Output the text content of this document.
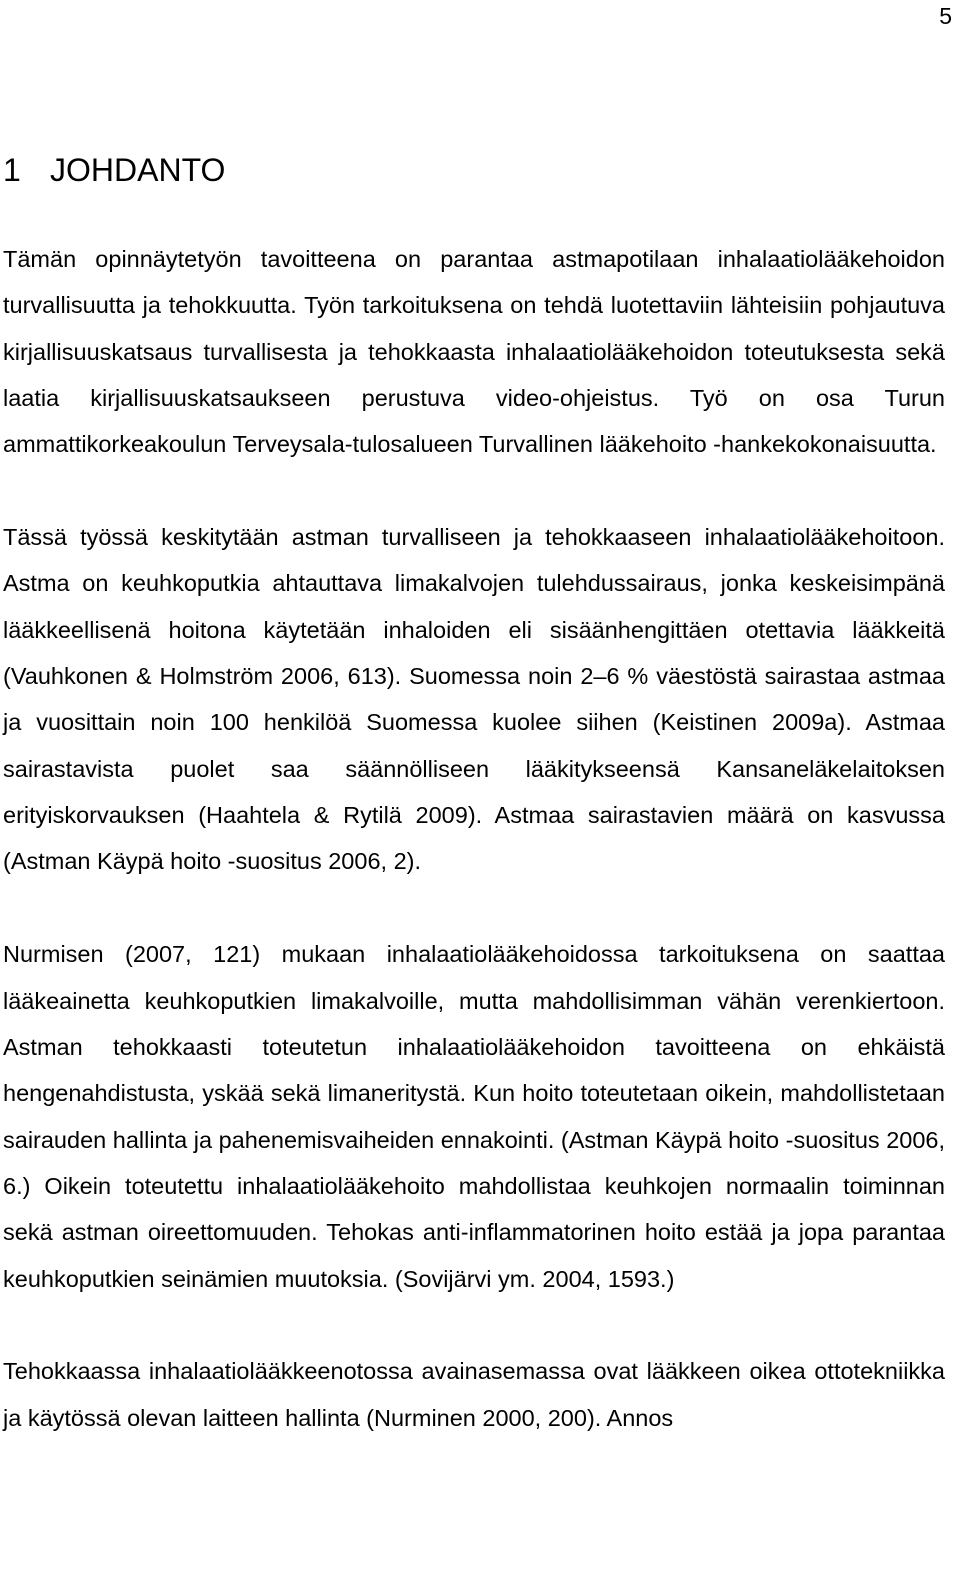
5
1 JOHDANTO

Tämän opinnäytetyön tavoitteena on parantaa astmapotilaan inhalaatiolääkehoidon turvallisuutta ja tehokkuutta. Työn tarkoituksena on tehdä luotettaviin lähteisiin pohjautuva kirjallisuuskatsaus turvallisesta ja tehokkaasta inhalaatiolääkehoidon toteutuksesta sekä laatia kirjallisuuskatsaukseen perustuva video-ohjeistus. Työ on osa Turun ammattikorkeakoulun Terveysala-tulosalueen Turvallinen lääkehoito -hankekokonaisuutta.

Tässä työssä keskitytään astman turvalliseen ja tehokkaaseen inhalaatiolääkehoitoon. Astma on keuhkoputkia ahtauttava limakalvojen tulehdussairaus, jonka keskeisimpänä lääkkeellisenä hoitona käytetään inhaloiden eli sisäänhengittäen otettavia lääkkeitä (Vauhkonen & Holmström 2006, 613). Suomessa noin 2–6 % väestöstä sairastaa astmaa ja vuosittain noin 100 henkilöä Suomessa kuolee siihen (Keistinen 2009a). Astmaa sairastavista puolet saa säännölliseen lääkitykseensä Kansaneläkelaitoksen erityiskorvauksen (Haahtela & Rytilä 2009). Astmaa sairastavien määrä on kasvussa (Astman Käypä hoito -suositus 2006, 2).

Nurmisen (2007, 121) mukaan inhalaatiolääkehoidossa tarkoituksena on saattaa lääkeainetta keuhkoputkien limakalvoille, mutta mahdollisimman vähän verenkiertoon. Astman tehokkaasti toteutetun inhalaatiolääkehoidon tavoitteena on ehkäistä hengenahdistusta, yskää sekä limaneritystä. Kun hoito toteutetaan oikein, mahdollistetaan sairauden hallinta ja pahenemisvaiheiden ennakointi. (Astman Käypä hoito -suositus 2006, 6.) Oikein toteutettu inhalaatiolääkehoito mahdollistaa keuhkojen normaalin toiminnan sekä astman oireettomuuden. Tehokas anti-inflammatorinen hoito estää ja jopa parantaa keuhkoputkien seinämien muutoksia. (Sovijärvi ym. 2004, 1593.)

Tehokkaassa inhalaatiolääkkeenotossa avainasemassa ovat lääkkeen oikea ottotekniikka ja käytössä olevan laitteen hallinta (Nurminen 2000, 200). Annos
